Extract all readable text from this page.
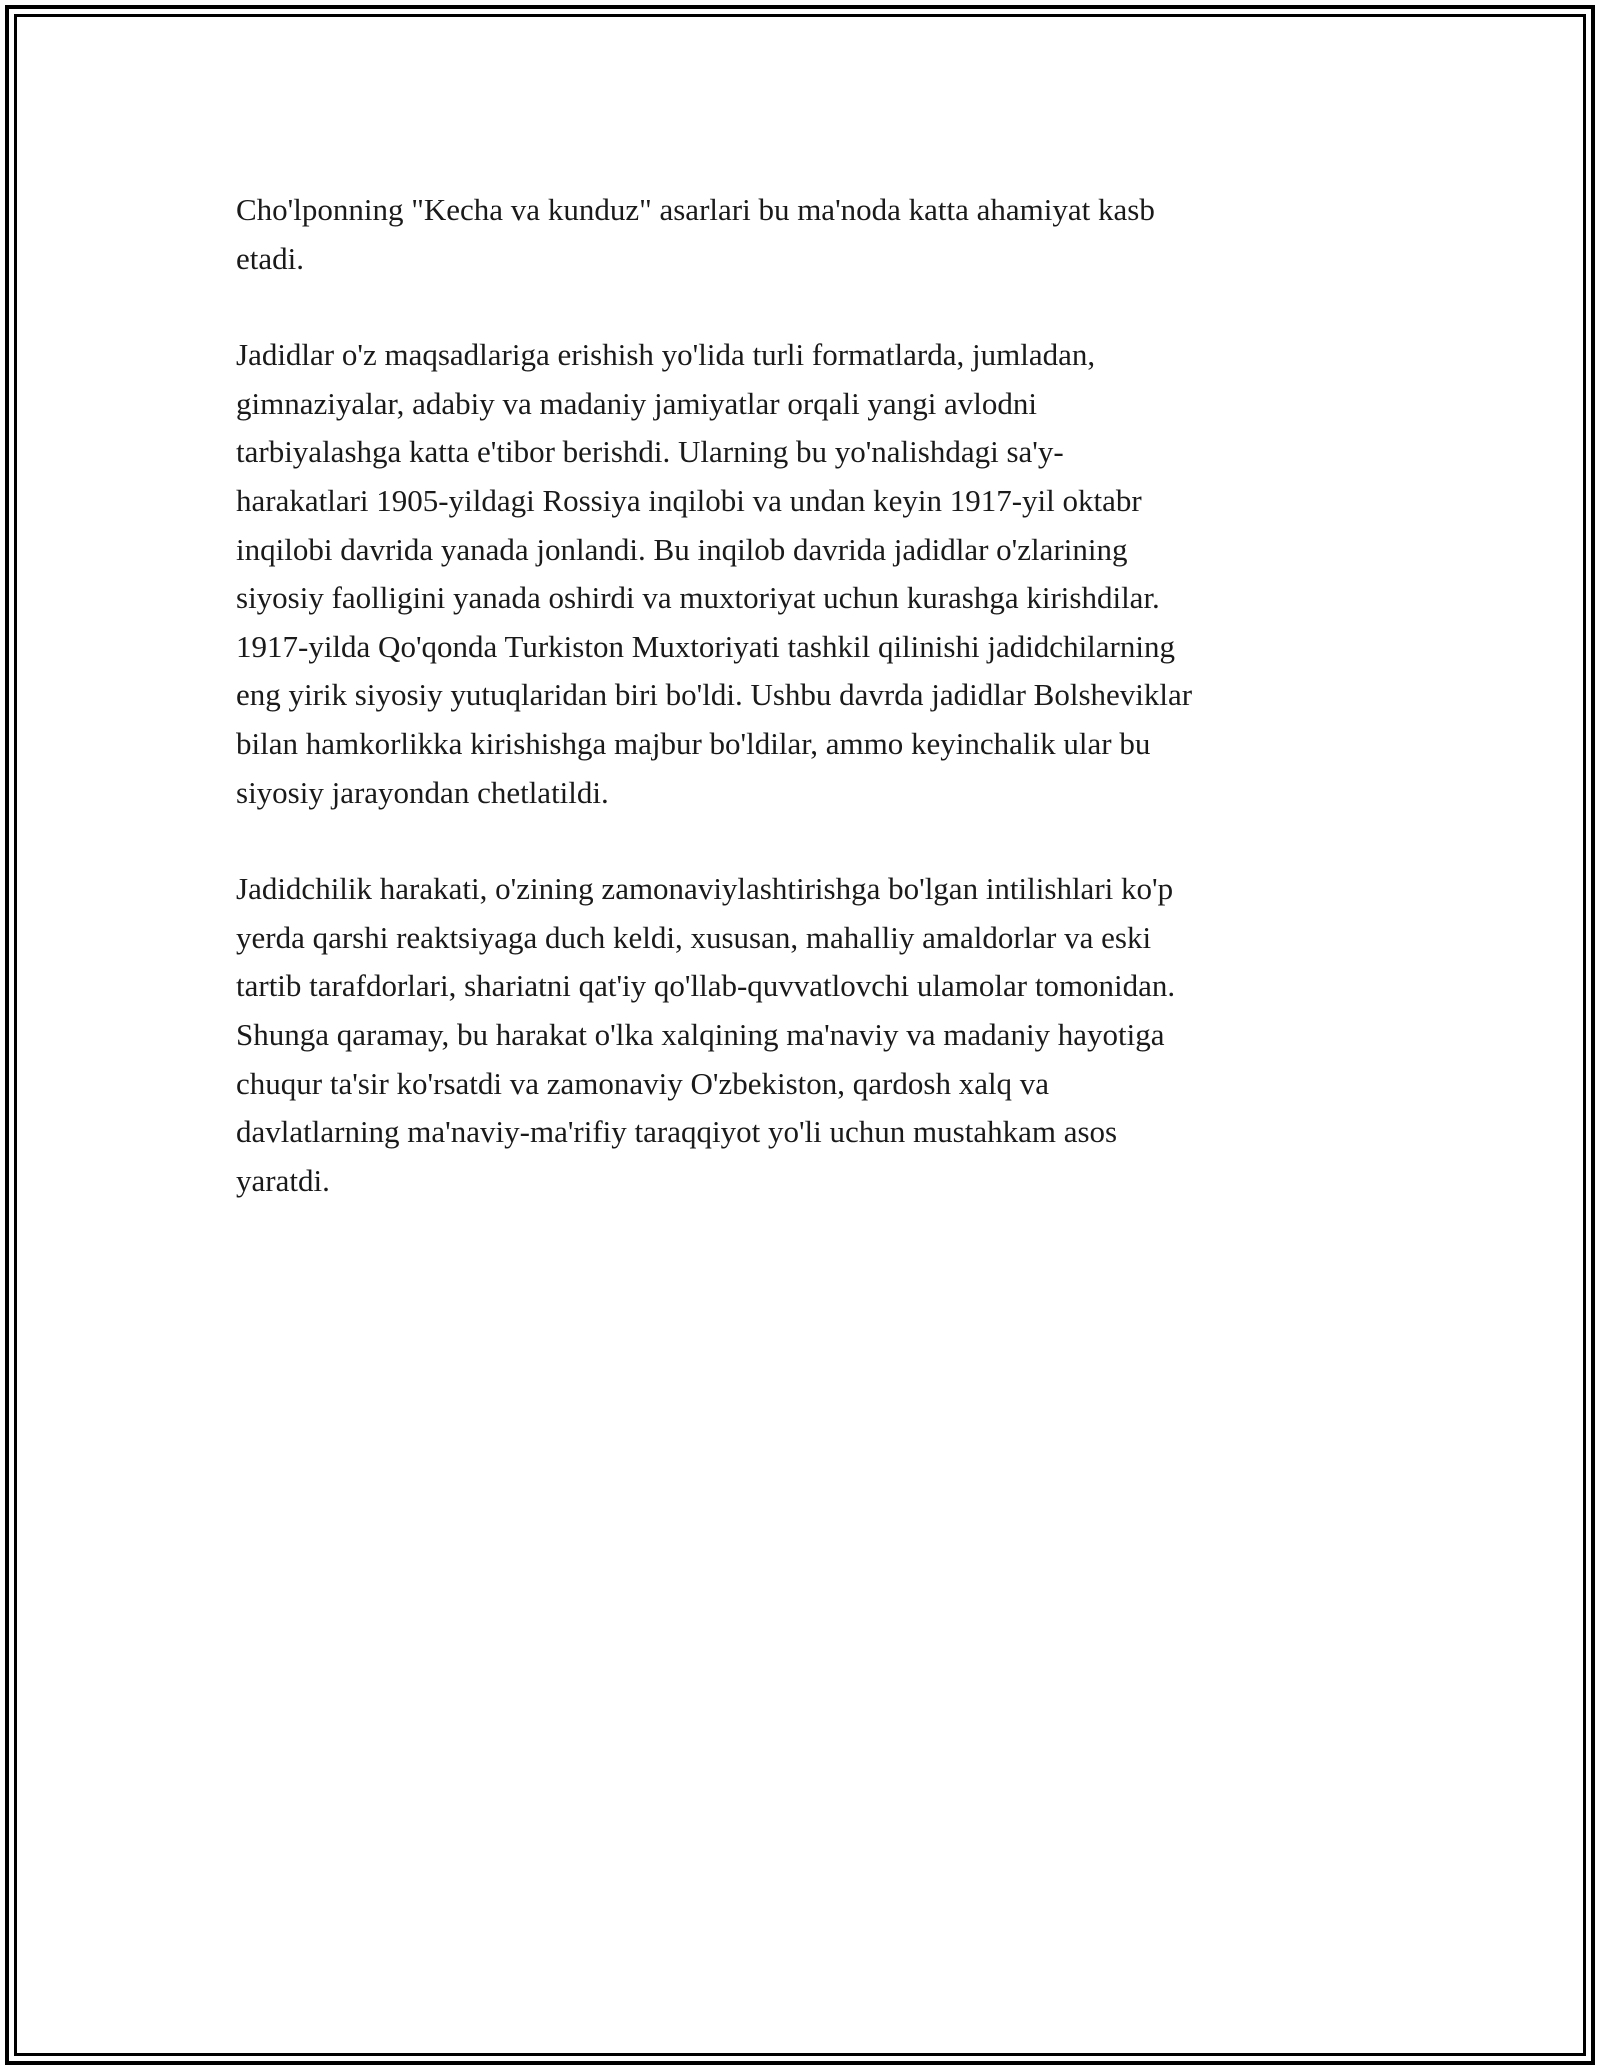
Cho'lponning "Kecha va kunduz" asarlari bu ma'noda katta ahamiyat kasb
etadi.

Jadidlar o'z maqsadlariga erishish yo'lida turli formatlarda, jumladan,
gimnaziyalar, adabiy va madaniy jamiyatlar orqali yangi avlodni
tarbiyalashga katta e'tibor berishdi. Ularning bu yo'nalishdagi sa'y-
harakatlari 1905-yildagi Rossiya inqilobi va undan keyin 1917-yil oktabr
inqilobi davrida yanada jonlandi. Bu inqilob davrida jadidlar o'zlarining
siyosiy faolligini yanada oshirdi va muxtoriyat uchun kurashga kirishdilar.
1917-yilda Qo'qonda Turkiston Muxtoriyati tashkil qilinishi jadidchilarning
eng yirik siyosiy yutuqlaridan biri bo'ldi. Ushbu davrda jadidlar Bolsheviklar
bilan hamkorlikka kirishishga majbur bo'ldilar, ammo keyinchalik ular bu
siyosiy jarayondan chetlatildi.

Jadidchilik harakati, o'zining zamonaviylashtirishga bo'lgan intilishlari ko'p
yerda qarshi reaktsiyaga duch keldi, xususan, mahalliy amaldorlar va eski
tartib tarafdorlari, shariatni qat'iy qo'llab-quvvatlovchi ulamolar tomonidan.
Shunga qaramay, bu harakat o'lka xalqining ma'naviy va madaniy hayotiga
chuqur ta'sir ko'rsatdi va zamonaviy O'zbekiston, qardosh xalq va
davlatlarning ma'naviy-ma'rifiy taraqqiyot yo'li uchun mustahkam asos
yaratdi.
